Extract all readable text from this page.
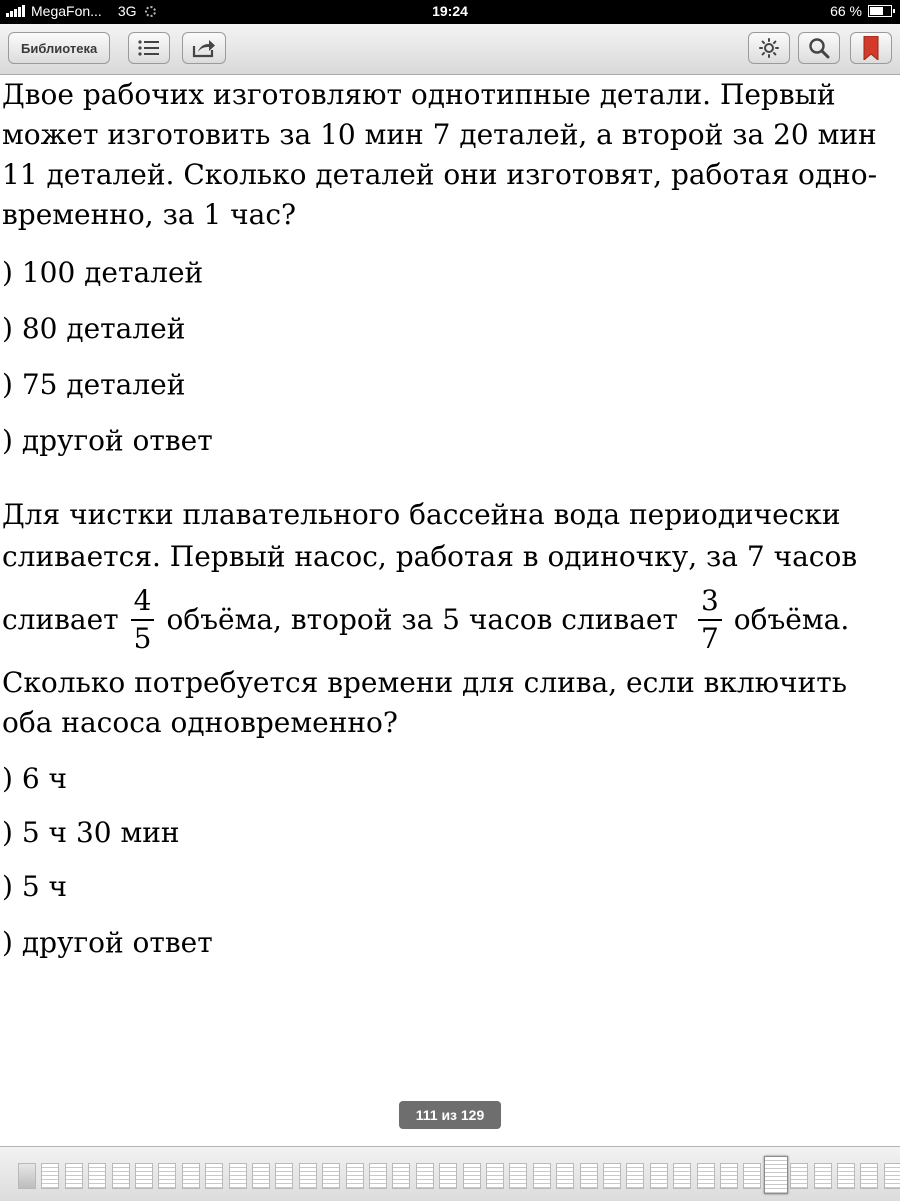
MegaFon... 3G	19:24	66 %
Библиотека
Двое рабочих изготовляют однотипные детали. Первый
может изготовить за 10 мин 7 деталей, а второй за 20 мин
11 деталей. Сколько деталей они изготовят, работая одно-
временно, за 1 час?
) 100 деталей
) 80 деталей
) 75 деталей
) другой ответ
Для чистки плавательного бассейна вода периодически
сливается. Первый насос, работая в одиночку, за 7 часов
сливает $\frac{4}{5}$ объёма, второй за 5 часов сливает $\frac{3}{7}$ объёма.
Сколько потребуется времени для слива, если включить
оба насоса одновременно?
) 6 ч
) 5 ч 30 мин
) 5 ч
) другой ответ
111 из 129
